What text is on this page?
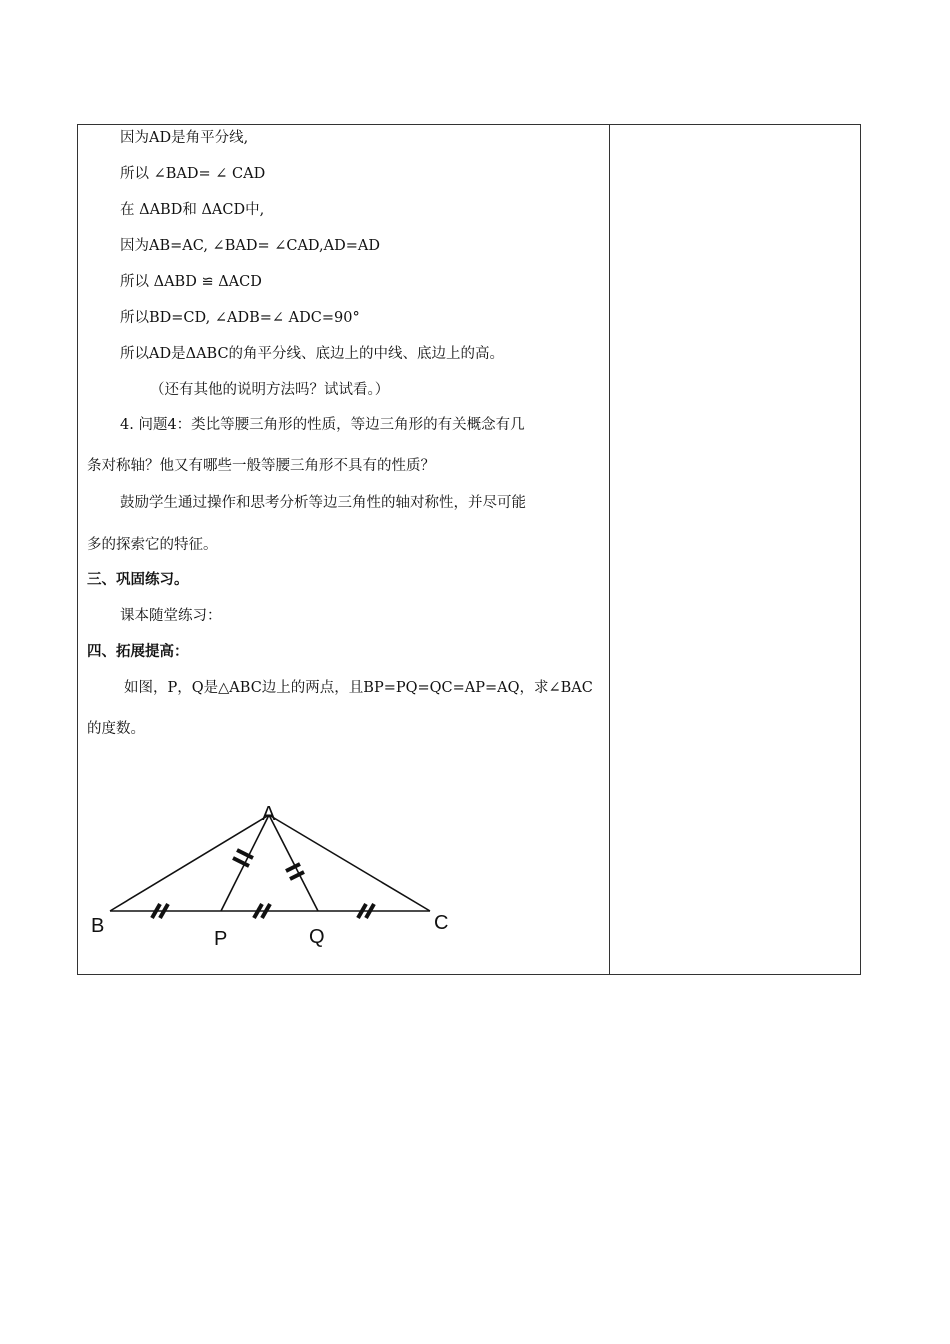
因为AD是角平分线,
所以 ∠BAD= ∠ CAD
在 ΔABD和 ΔACD中,
因为AB=AC, ∠BAD= ∠CAD,AD=AD
所以 ΔABD ≌ ΔACD
所以BD=CD, ∠ADB=∠ ADC=90°
所以AD是ΔABC的角平分线、底边上的中线、底边上的高。
（还有其他的说明方法吗？试试看。）
4. 问题4：类比等腰三角形的性质，等边三角形的有关概念有几
条对称轴？他又有哪些一般等腰三角形不具有的性质？
鼓励学生通过操作和思考分析等边三角性的轴对称性，并尽可能
多的探索它的特征。
三、巩固练习。
课本随堂练习：
四、拓展提高：
如图，P，Q是△ABC边上的两点，且BP=PQ=QC=AP=AQ，求∠BAC
的度数。
A
B	C
P	Q
